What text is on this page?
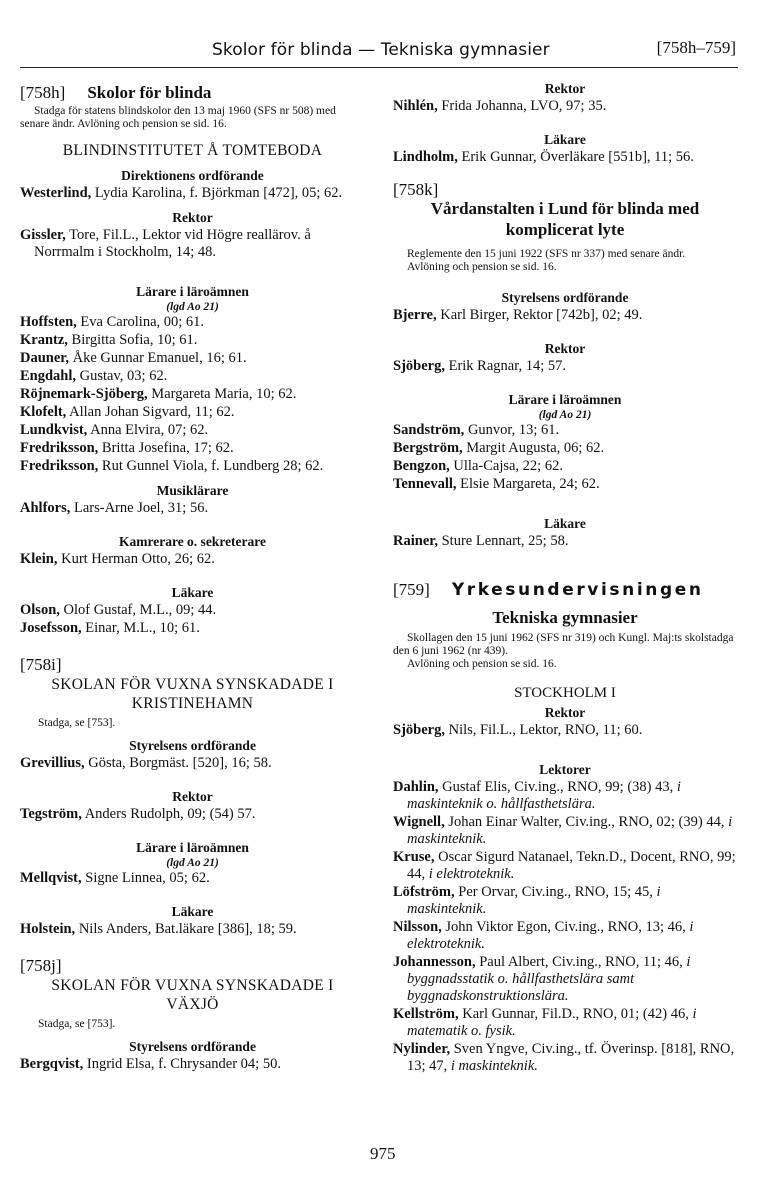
Skolor för blinda — Tekniska gymnasier	[758h–759]
[758h] Skolor för blinda

Stadga för statens blindskolor den 13 maj 1960 (SFS nr 508) med senare ändr. Avlöning och pension se sid. 16.

BLINDINSTITUTET Å TOMTEBODA
Direktionens ordförande
Westerlind, Lydia Karolina, f. Björkman [472], 05; 62.
Rektor
Gissler, Tore, Fil.L., Lektor vid Högre reallärov. å Norrmalm i Stockholm, 14; 48.
Lärare i läroämnen
(lgd Ao 21)
Hoffsten, Eva Carolina, 00; 61.
Krantz, Birgitta Sofia, 10; 61.
Dauner, Åke Gunnar Emanuel, 16; 61.
Engdahl, Gustav, 03; 62.
Röjnemark-Sjöberg, Margareta Maria, 10; 62.
Klofelt, Allan Johan Sigvard, 11; 62.
Lundkvist, Anna Elvira, 07; 62.
Fredriksson, Britta Josefina, 17; 62.
Fredriksson, Rut Gunnel Viola, f. Lundberg 28; 62.
Musiklärare
Ahlfors, Lars-Arne Joel, 31; 56.
Kamrerare o. sekreterare
Klein, Kurt Herman Otto, 26; 62.
Läkare
Olson, Olof Gustaf, M.L., 09; 44.
Josefsson, Einar, M.L., 10; 61.
[758i]
SKOLAN FÖR VUXNA SYNSKADADE I KRISTINEHAMN

Stadga, se [753].

Styrelsens ordförande
Grevillius, Gösta, Borgmäst. [520], 16; 58.
Rektor
Tegström, Anders Rudolph, 09; (54) 57.
Lärare i läroämnen
(lgd Ao 21)
Mellqvist, Signe Linnea, 05; 62.
Läkare
Holstein, Nils Anders, Bat.läkare [386], 18; 59.
[758j]
SKOLAN FÖR VUXNA SYNSKADADE I VÄXJÖ

Stadga, se [753].

Styrelsens ordförande
Bergqvist, Ingrid Elsa, f. Chrysander 04; 50.
Rektor
Nihlén, Frida Johanna, LVO, 97; 35.
Läkare
Lindholm, Erik Gunnar, Överläkare [551b], 11; 56.
[758k]
Vårdanstalten i Lund för blinda med komplicerat lyte

Reglemente den 15 juni 1922 (SFS nr 337) med senare ändr.

Avlöning och pension se sid. 16.

Styrelsens ordförande
Bjerre, Karl Birger, Rektor [742b], 02; 49.
Rektor
Sjöberg, Erik Ragnar, 14; 57.
Lärare i läroämnen
(lgd Ao 21)
Sandström, Gunvor, 13; 61.
Bergström, Margit Augusta, 06; 62.
Bengzon, Ulla-Cajsa, 22; 62.
Tennevall, Elsie Margareta, 24; 62.
Läkare
Rainer, Sture Lennart, 25; 58.
[759] Yrkesundervisningen
Tekniska gymnasier

Skollagen den 15 juni 1962 (SFS nr 319) och Kungl. Maj:ts skolstadga den 6 juni 1962 (nr 439).

Avlöning och pension se sid. 16.

STOCKHOLM I
Rektor
Sjöberg, Nils, Fil.L., Lektor, RNO, 11; 60.
Lektorer
Dahlin, Gustaf Elis, Civ.ing., RNO, 99; (38) 43, i maskinteknik o. hållfasthetslära.
Wignell, Johan Einar Walter, Civ.ing., RNO, 02; (39) 44, i maskinteknik.
Kruse, Oscar Sigurd Natanael, Tekn.D., Docent, RNO, 99; 44, i elektroteknik.
Löfström, Per Orvar, Civ.ing., RNO, 15; 45, i maskinteknik.
Nilsson, John Viktor Egon, Civ.ing., RNO, 13; 46, i elektroteknik.
Johannesson, Paul Albert, Civ.ing., RNO, 11; 46, i byggnadsstatik o. hållfasthetslära samt byggnadskonstruktionslära.
Kellström, Karl Gunnar, Fil.D., RNO, 01; (42) 46, i matematik o. fysik.
Nylinder, Sven Yngve, Civ.ing., tf. Överinsp. [818], RNO, 13; 47, i maskinteknik.
975
